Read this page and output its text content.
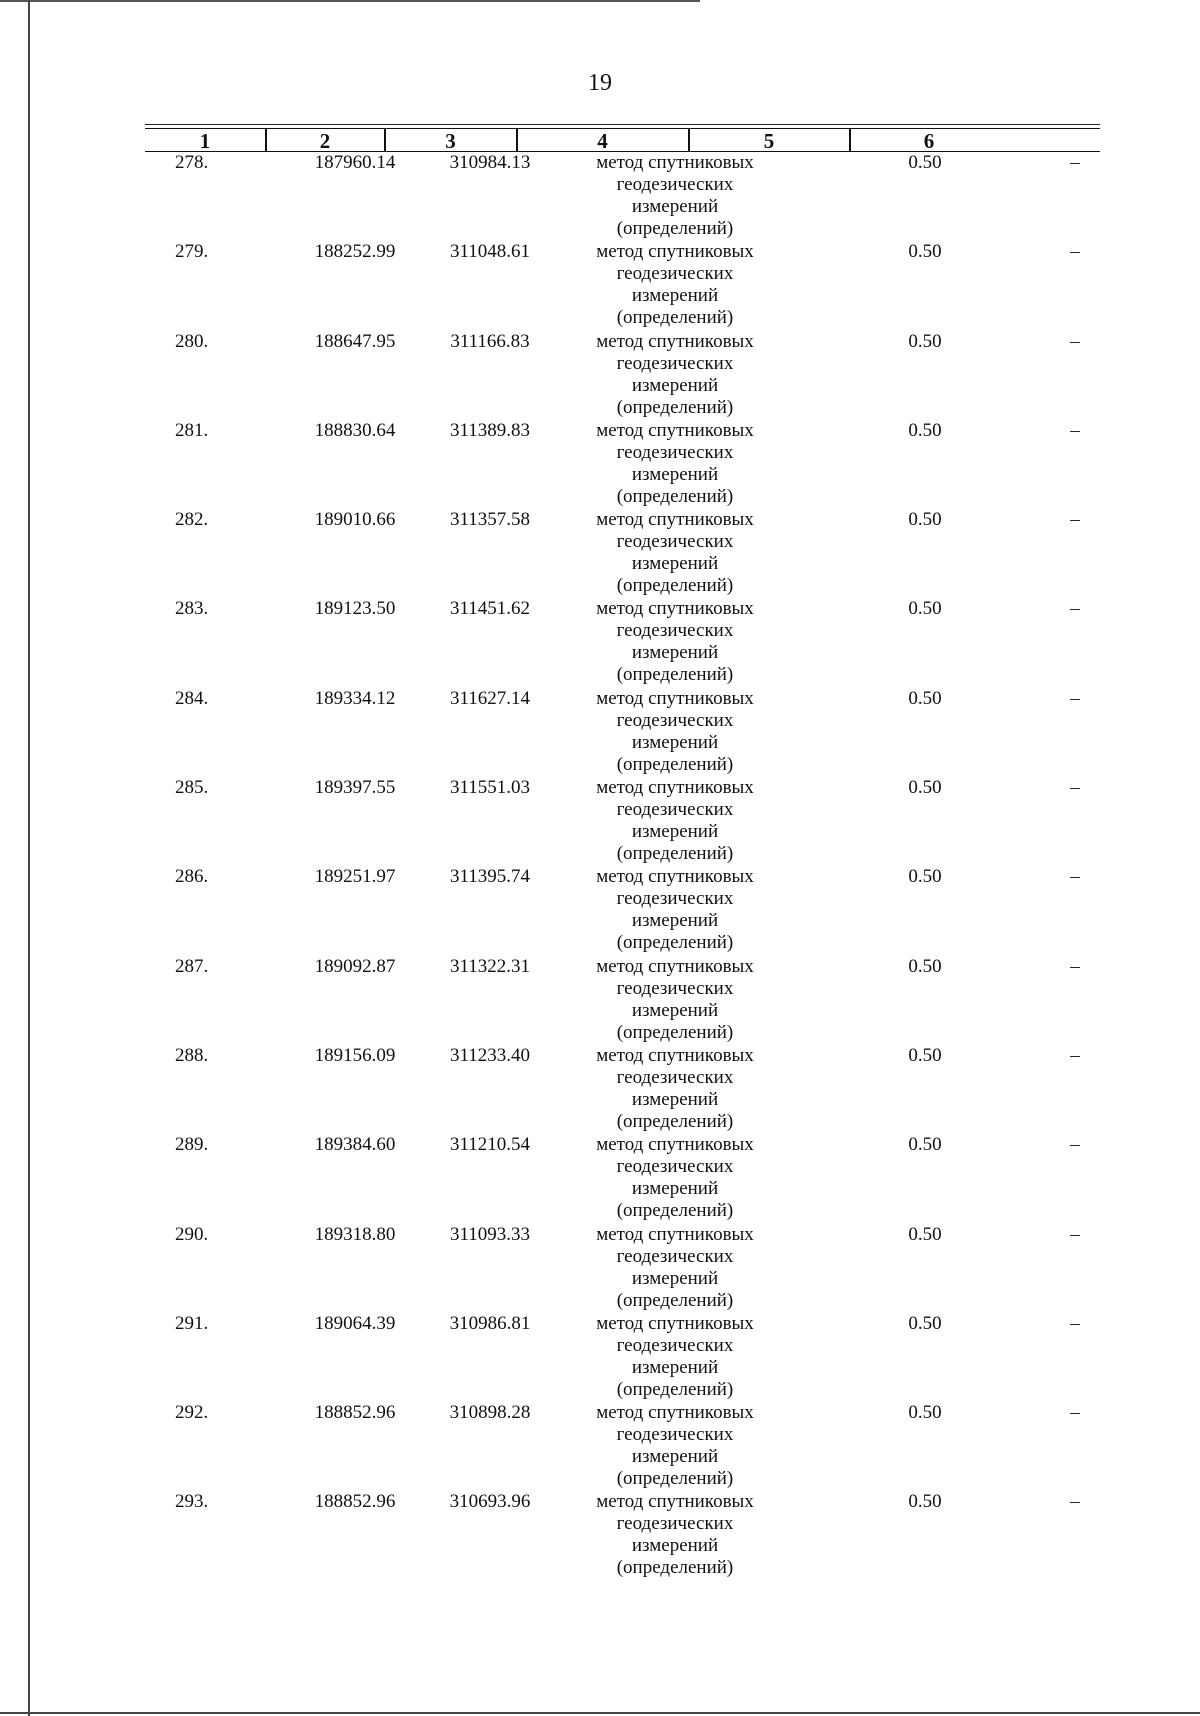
19
1	2	3	4	5	6
278.	187960.14	310984.13	метод спутниковых
геодезических
измерений
(определений)
0.50	–
279.	188252.99	311048.61	метод спутниковых
геодезических
измерений
(определений)
0.50	–
280.	188647.95	311166.83	метод спутниковых
геодезических
измерений
(определений)
0.50	–
281.	188830.64	311389.83	метод спутниковых
геодезических
измерений
(определений)
0.50	–
282.	189010.66	311357.58	метод спутниковых
геодезических
измерений
(определений)
0.50	–
283.	189123.50	311451.62	метод спутниковых
геодезических
измерений
(определений)
0.50	–
284.	189334.12	311627.14	метод спутниковых
геодезических
измерений
(определений)
0.50	–
285.	189397.55	311551.03	метод спутниковых
геодезических
измерений
(определений)
0.50	–
286.	189251.97	311395.74	метод спутниковых
геодезических
измерений
(определений)
0.50	–
287.	189092.87	311322.31	метод спутниковых
геодезических
измерений
(определений)
0.50	–
288.	189156.09	311233.40	метод спутниковых
геодезических
измерений
(определений)
0.50	–
289.	189384.60	311210.54	метод спутниковых
геодезических
измерений
(определений)
0.50	–
290.	189318.80	311093.33	метод спутниковых
геодезических
измерений
(определений)
0.50	–
291.	189064.39	310986.81	метод спутниковых
геодезических
измерений
(определений)
0.50	–
292.	188852.96	310898.28	метод спутниковых
геодезических
измерений
(определений)
0.50	–
293.	188852.96	310693.96	метод спутниковых
геодезических
измерений
(определений)
0.50	–
